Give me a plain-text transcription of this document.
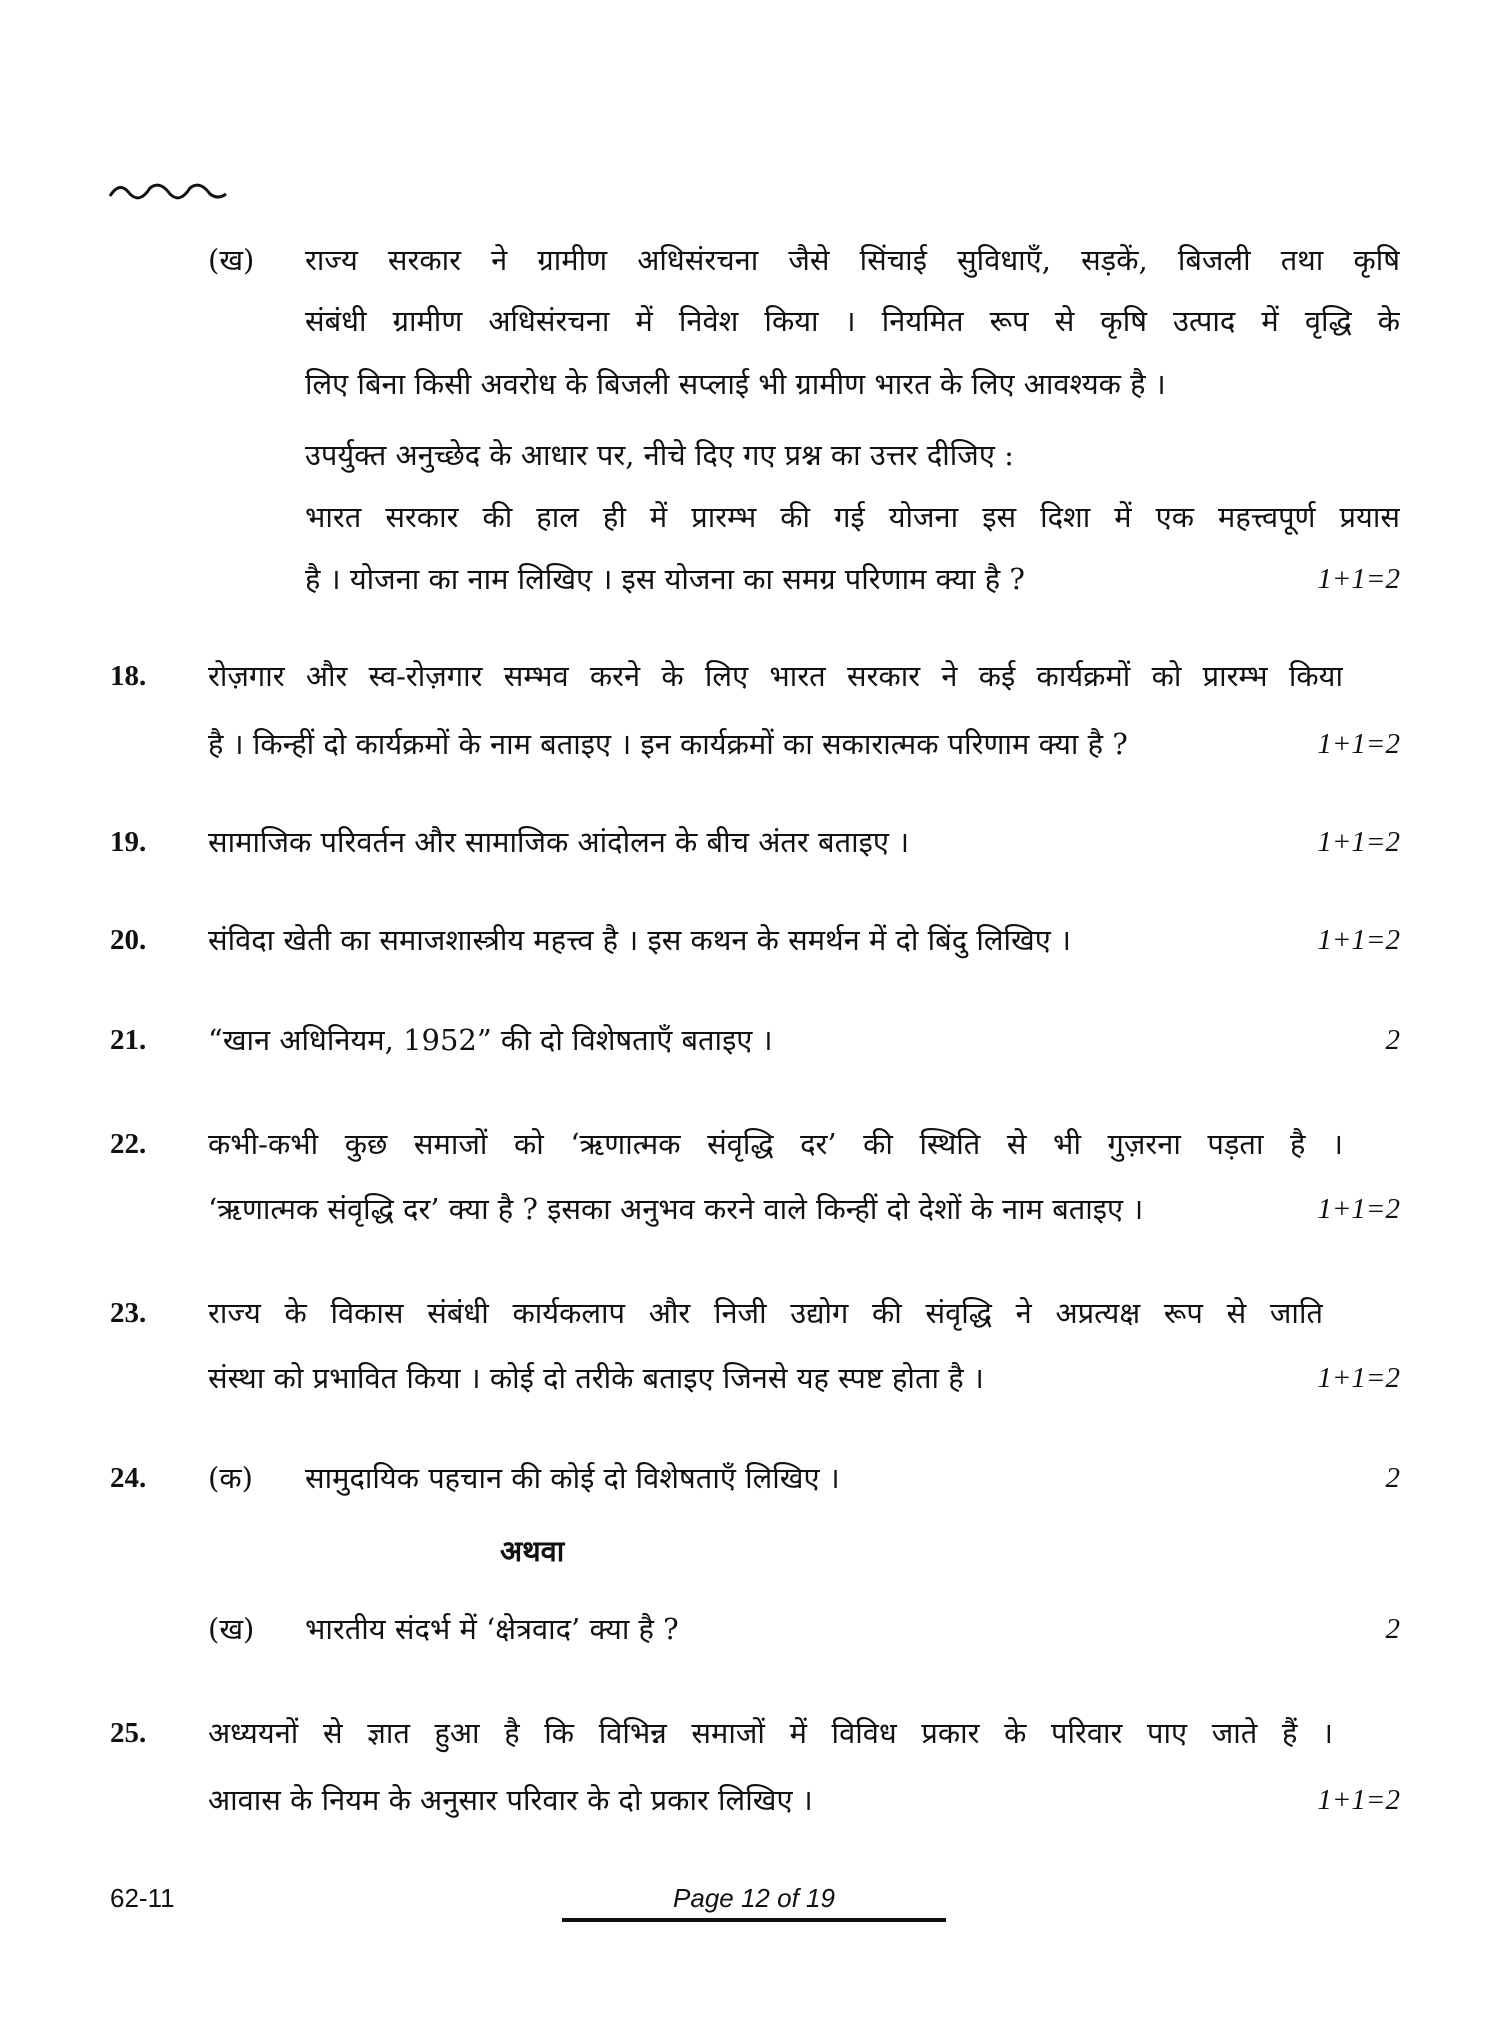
(ख) राज्य सरकार ने ग्रामीण अधिसंरचना जैसे सिंचाई सुविधाएँ, सड़कें, बिजली तथा कृषि
संबंधी ग्रामीण अधिसंरचना में निवेश किया । नियमित रूप से कृषि उत्पाद में वृद्धि के
लिए बिना किसी अवरोध के बिजली सप्लाई भी ग्रामीण भारत के लिए आवश्यक है ।
उपर्युक्त अनुच्छेद के आधार पर, नीचे दिए गए प्रश्न का उत्तर दीजिए :
भारत सरकार की हाल ही में प्रारम्भ की गई योजना इस दिशा में एक महत्त्वपूर्ण प्रयास
है । योजना का नाम लिखिए । इस योजना का समग्र परिणाम क्या है ?	1+1=2
18. रोज़गार और स्व-रोज़गार सम्भव करने के लिए भारत सरकार ने कई कार्यक्रमों को प्रारम्भ किया
है । किन्हीं दो कार्यक्रमों के नाम बताइए । इन कार्यक्रमों का सकारात्मक परिणाम क्या है ?	1+1=2
19. सामाजिक परिवर्तन और सामाजिक आंदोलन के बीच अंतर बताइए ।	1+1=2
20. संविदा खेती का समाजशास्त्रीय महत्त्व है । इस कथन के समर्थन में दो बिंदु लिखिए ।	1+1=2
21. “खान अधिनियम, 1952” की दो विशेषताएँ बताइए ।	2
22. कभी-कभी कुछ समाजों को ‘ऋणात्मक संवृद्धि दर’ की स्थिति से भी गुज़रना पड़ता है ।
‘ऋणात्मक संवृद्धि दर’ क्या है ? इसका अनुभव करने वाले किन्हीं दो देशों के नाम बताइए ।	1+1=2
23. राज्य के विकास संबंधी कार्यकलाप और निजी उद्योग की संवृद्धि ने अप्रत्यक्ष रूप से जाति
संस्था को प्रभावित किया । कोई दो तरीके बताइए जिनसे यह स्पष्ट होता है ।	1+1=2
24. (क) सामुदायिक पहचान की कोई दो विशेषताएँ लिखिए ।	2
अथवा
(ख) भारतीय संदर्भ में ‘क्षेत्रवाद’ क्या है ?	2
25. अध्ययनों से ज्ञात हुआ है कि विभिन्न समाजों में विविध प्रकार के परिवार पाए जाते हैं ।
आवास के नियम के अनुसार परिवार के दो प्रकार लिखिए ।	1+1=2
62-11	Page 12 of 19
